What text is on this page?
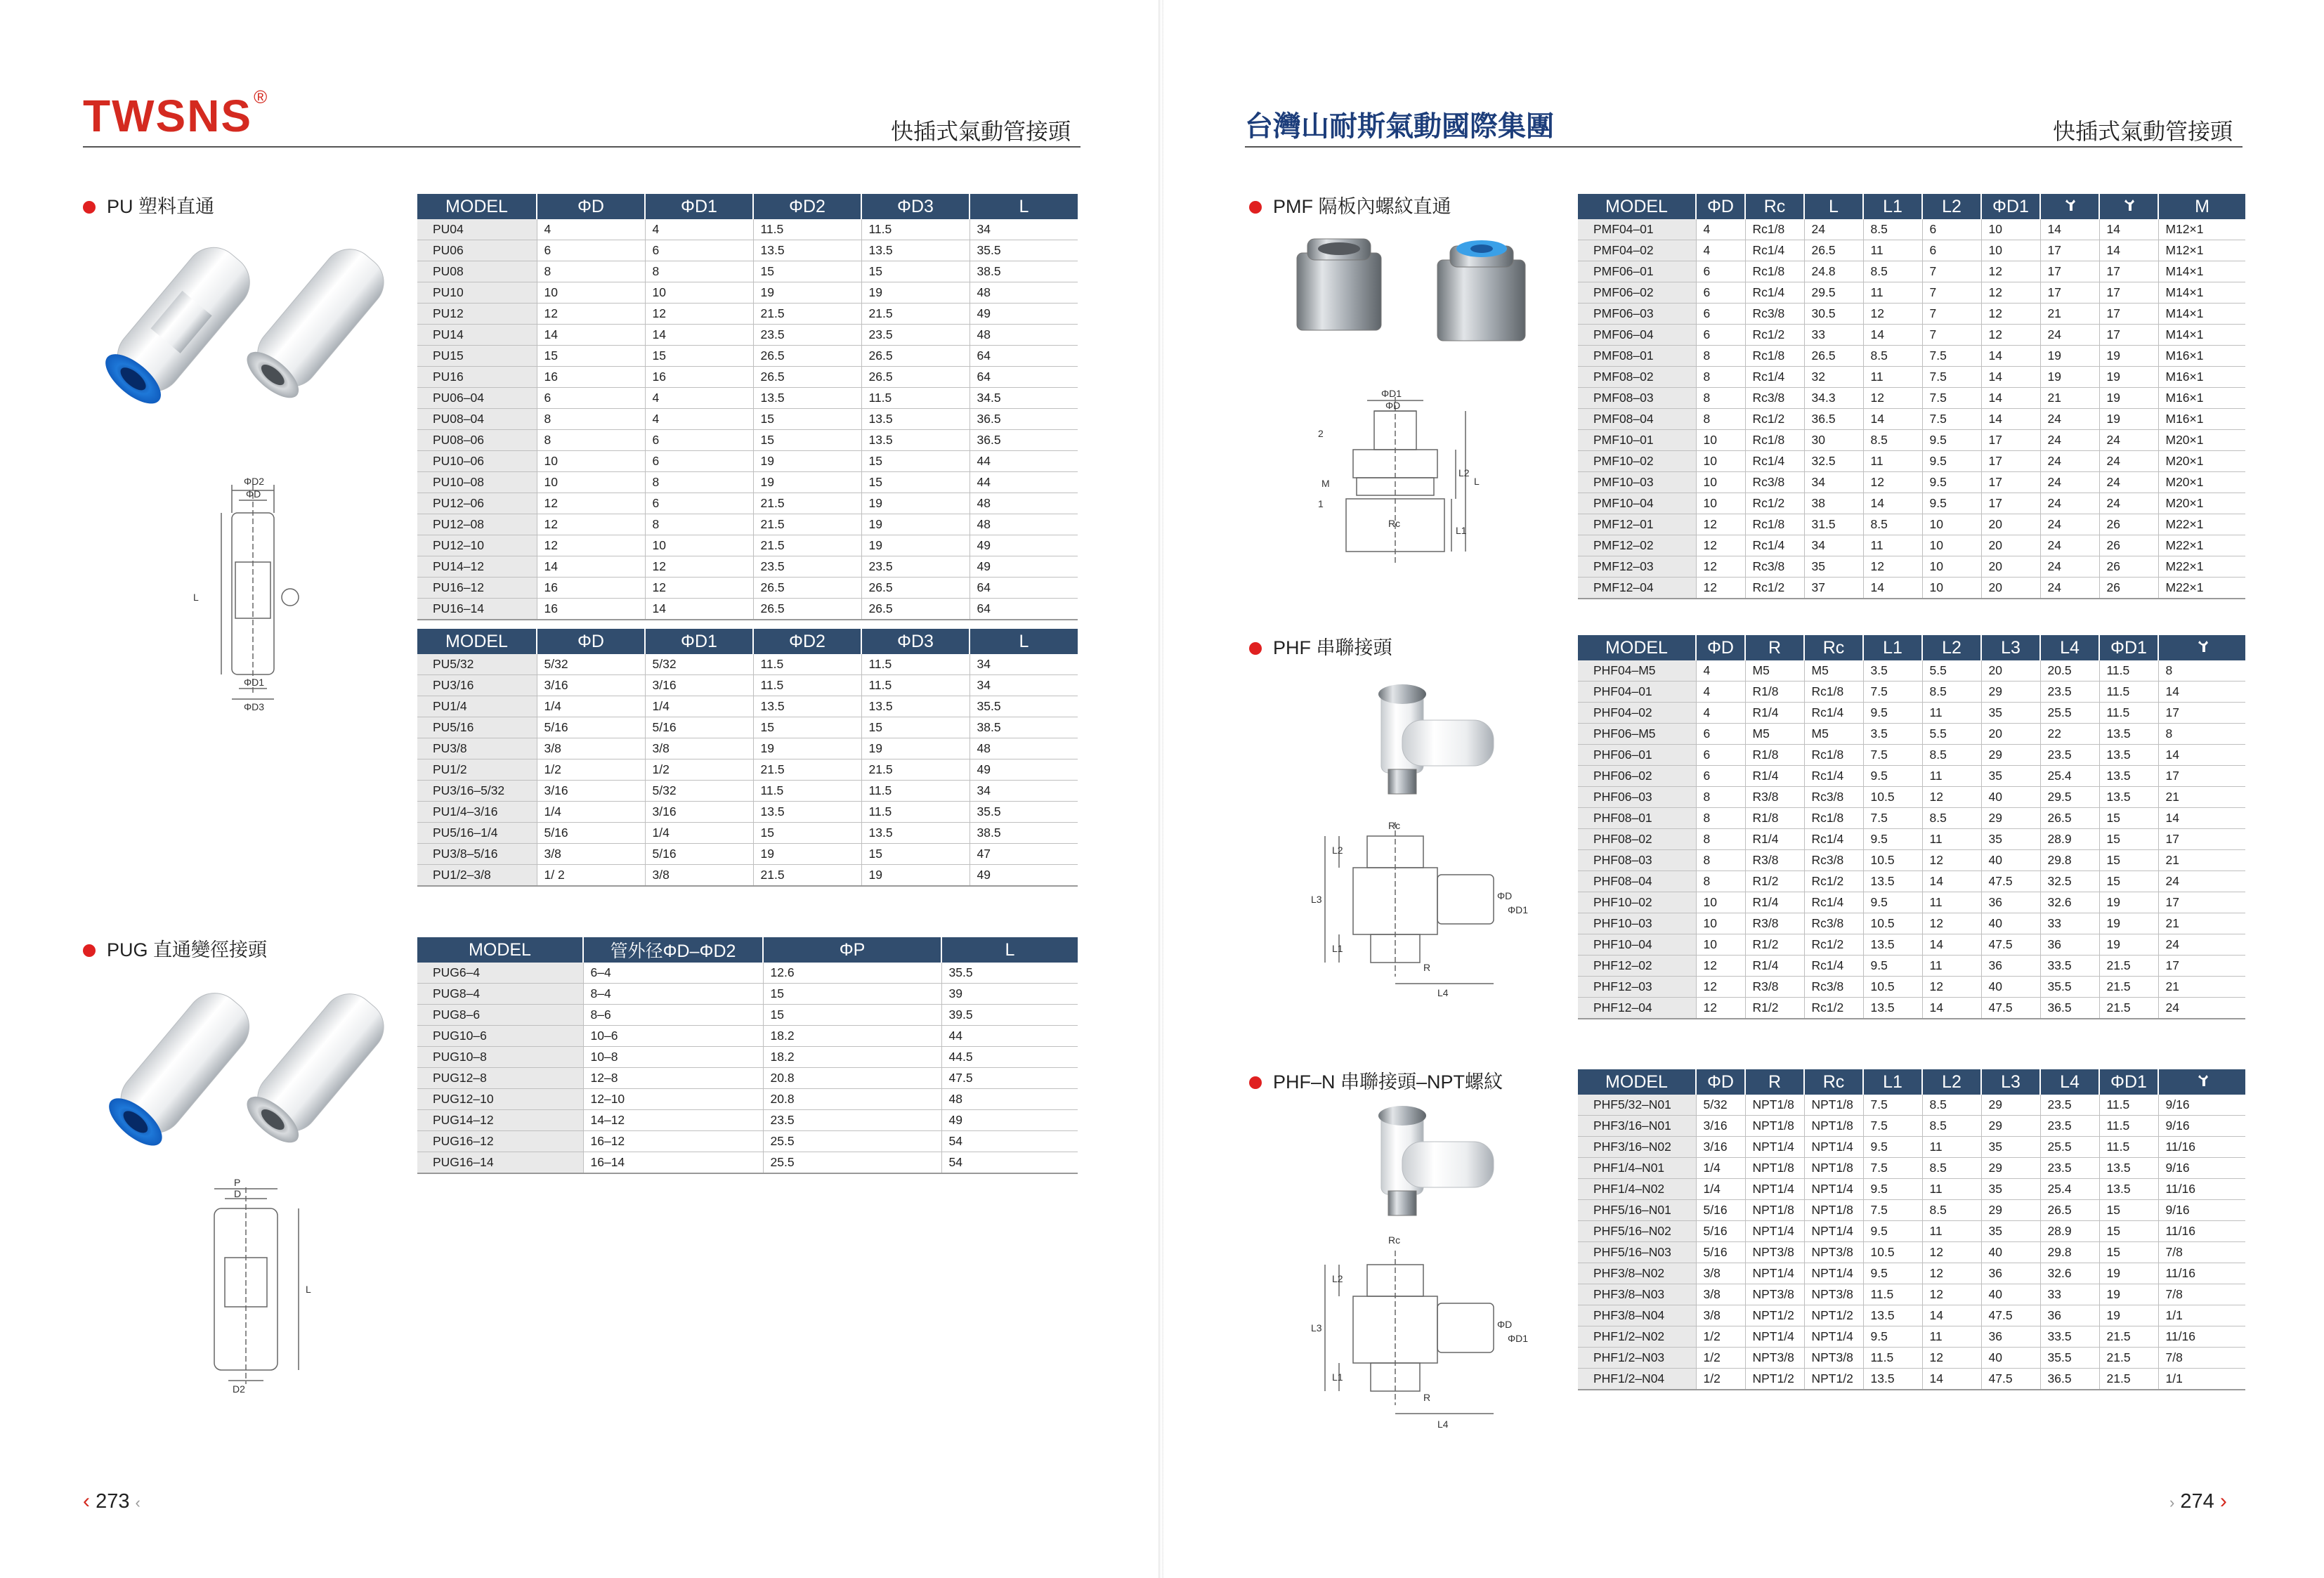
TWSNS®
快插式氣動管接頭
PU 塑料直通
ΦD2
ΦD
L
ΦD1
ΦD3
MODEL	ΦD	ΦD1	ΦD2	ΦD3	L
PU04	4	4	11.5	11.5	34
PU06	6	6	13.5	13.5	35.5
PU08	8	8	15	15	38.5
PU10	10	10	19	19	48
PU12	12	12	21.5	21.5	49
PU14	14	14	23.5	23.5	48
PU15	15	15	26.5	26.5	64
PU16	16	16	26.5	26.5	64
PU06–04	6	4	13.5	11.5	34.5
PU08–04	8	4	15	13.5	36.5
PU08–06	8	6	15	13.5	36.5
PU10–06	10	6	19	15	44
PU10–08	10	8	19	15	44
PU12–06	12	6	21.5	19	48
PU12–08	12	8	21.5	19	48
PU12–10	12	10	21.5	19	49
PU14–12	14	12	23.5	23.5	49
PU16–12	16	12	26.5	26.5	64
PU16–14	16	14	26.5	26.5	64
MODEL	ΦD	ΦD1	ΦD2	ΦD3	L
PU5/32	5/32	5/32	11.5	11.5	34
PU3/16	3/16	3/16	11.5	11.5	34
PU1/4	1/4	1/4	13.5	13.5	35.5
PU5/16	5/16	5/16	15	15	38.5
PU3/8	3/8	3/8	19	19	48
PU1/2	1/2	1/2	21.5	21.5	49
PU3/16–5/32	3/16	5/32	11.5	11.5	34
PU1/4–3/16	1/4	3/16	13.5	11.5	35.5
PU5/16–1/4	5/16	1/4	15	13.5	38.5
PU3/8–5/16	3/8	5/16	19	15	47
PU1/2–3/8	1/ 2	3/8	21.5	19	49
PUG 直通變徑接頭
P
D
L
D2
MODEL	管外径ΦD–ΦD2	ΦP	L
PUG6–4	6–4	12.6	35.5
PUG8–4	8–4	15	39
PUG8–6	8–6	15	39.5
PUG10–6	10–6	18.2	44
PUG10–8	10–8	18.2	44.5
PUG12–8	12–8	20.8	47.5
PUG12–10	12–10	20.8	48
PUG14–12	14–12	23.5	49
PUG16–12	16–12	25.5	54
PUG16–14	16–14	25.5	54
‹ 273 ‹
台灣山耐斯氣動國際集團	快插式氣動管接頭
PMF 隔板內螺紋直通
ΦD1
ΦD
M
L2
L
Rc
L1
2
1
MODEL	ΦD	Rc	L	L1	L2	ΦD1			M
PMF04–01	4	Rc1/8	24	8.5	6	10	14	14	M12×1
PMF04–02	4	Rc1/4	26.5	11	6	10	17	14	M12×1
PMF06–01	6	Rc1/8	24.8	8.5	7	12	17	17	M14×1
PMF06–02	6	Rc1/4	29.5	11	7	12	17	17	M14×1
PMF06–03	6	Rc3/8	30.5	12	7	12	21	17	M14×1
PMF06–04	6	Rc1/2	33	14	7	12	24	17	M14×1
PMF08–01	8	Rc1/8	26.5	8.5	7.5	14	19	19	M16×1
PMF08–02	8	Rc1/4	32	11	7.5	14	19	19	M16×1
PMF08–03	8	Rc3/8	34.3	12	7.5	14	21	19	M16×1
PMF08–04	8	Rc1/2	36.5	14	7.5	14	24	19	M16×1
PMF10–01	10	Rc1/8	30	8.5	9.5	17	24	24	M20×1
PMF10–02	10	Rc1/4	32.5	11	9.5	17	24	24	M20×1
PMF10–03	10	Rc3/8	34	12	9.5	17	24	24	M20×1
PMF10–04	10	Rc1/2	38	14	9.5	17	24	24	M20×1
PMF12–01	12	Rc1/8	31.5	8.5	10	20	24	26	M22×1
PMF12–02	12	Rc1/4	34	11	10	20	24	26	M22×1
PMF12–03	12	Rc3/8	35	12	10	20	24	26	M22×1
PMF12–04	12	Rc1/2	37	14	10	20	24	26	M22×1
PHF 串聯接頭
Rc
L2
L3
L1
R
L4
ΦD
ΦD1
MODEL	ΦD	R	Rc	L1	L2	L3	L4	ΦD1	
PHF04–M5	4	M5	M5	3.5	5.5	20	20.5	11.5	8
PHF04–01	4	R1/8	Rc1/8	7.5	8.5	29	23.5	11.5	14
PHF04–02	4	R1/4	Rc1/4	9.5	11	35	25.5	11.5	17
PHF06–M5	6	M5	M5	3.5	5.5	20	22	13.5	8
PHF06–01	6	R1/8	Rc1/8	7.5	8.5	29	23.5	13.5	14
PHF06–02	6	R1/4	Rc1/4	9.5	11	35	25.4	13.5	17
PHF06–03	8	R3/8	Rc3/8	10.5	12	40	29.5	13.5	21
PHF08–01	8	R1/8	Rc1/8	7.5	8.5	29	26.5	15	14
PHF08–02	8	R1/4	Rc1/4	9.5	11	35	28.9	15	17
PHF08–03	8	R3/8	Rc3/8	10.5	12	40	29.8	15	21
PHF08–04	8	R1/2	Rc1/2	13.5	14	47.5	32.5	15	24
PHF10–02	10	R1/4	Rc1/4	9.5	11	36	32.6	19	17
PHF10–03	10	R3/8	Rc3/8	10.5	12	40	33	19	21
PHF10–04	10	R1/2	Rc1/2	13.5	14	47.5	36	19	24
PHF12–02	12	R1/4	Rc1/4	9.5	11	36	33.5	21.5	17
PHF12–03	12	R3/8	Rc3/8	10.5	12	40	35.5	21.5	21
PHF12–04	12	R1/2	Rc1/2	13.5	14	47.5	36.5	21.5	24
PHF–N 串聯接頭–NPT螺紋
Rc
L2
L3
L1
R
L4
ΦD
ΦD1
MODEL	ΦD	R	Rc	L1	L2	L3	L4	ΦD1	
PHF5/32–N01	5/32	NPT1/8	NPT1/8	7.5	8.5	29	23.5	11.5	9/16
PHF3/16–N01	3/16	NPT1/8	NPT1/8	7.5	8.5	29	23.5	11.5	9/16
PHF3/16–N02	3/16	NPT1/4	NPT1/4	9.5	11	35	25.5	11.5	11/16
PHF1/4–N01	1/4	NPT1/8	NPT1/8	7.5	8.5	29	23.5	13.5	9/16
PHF1/4–N02	1/4	NPT1/4	NPT1/4	9.5	11	35	25.4	13.5	11/16
PHF5/16–N01	5/16	NPT1/8	NPT1/8	7.5	8.5	29	26.5	15	9/16
PHF5/16–N02	5/16	NPT1/4	NPT1/4	9.5	11	35	28.9	15	11/16
PHF5/16–N03	5/16	NPT3/8	NPT3/8	10.5	12	40	29.8	15	7/8
PHF3/8–N02	3/8	NPT1/4	NPT1/4	9.5	12	36	32.6	19	11/16
PHF3/8–N03	3/8	NPT3/8	NPT3/8	11.5	12	40	33	19	7/8
PHF3/8–N04	3/8	NPT1/2	NPT1/2	13.5	14	47.5	36	19	1/1
PHF1/2–N02	1/2	NPT1/4	NPT1/4	9.5	11	36	33.5	21.5	11/16
PHF1/2–N03	1/2	NPT3/8	NPT3/8	11.5	12	40	35.5	21.5	7/8
PHF1/2–N04	1/2	NPT1/2	NPT1/2	13.5	14	47.5	36.5	21.5	1/1
› 274 ›
